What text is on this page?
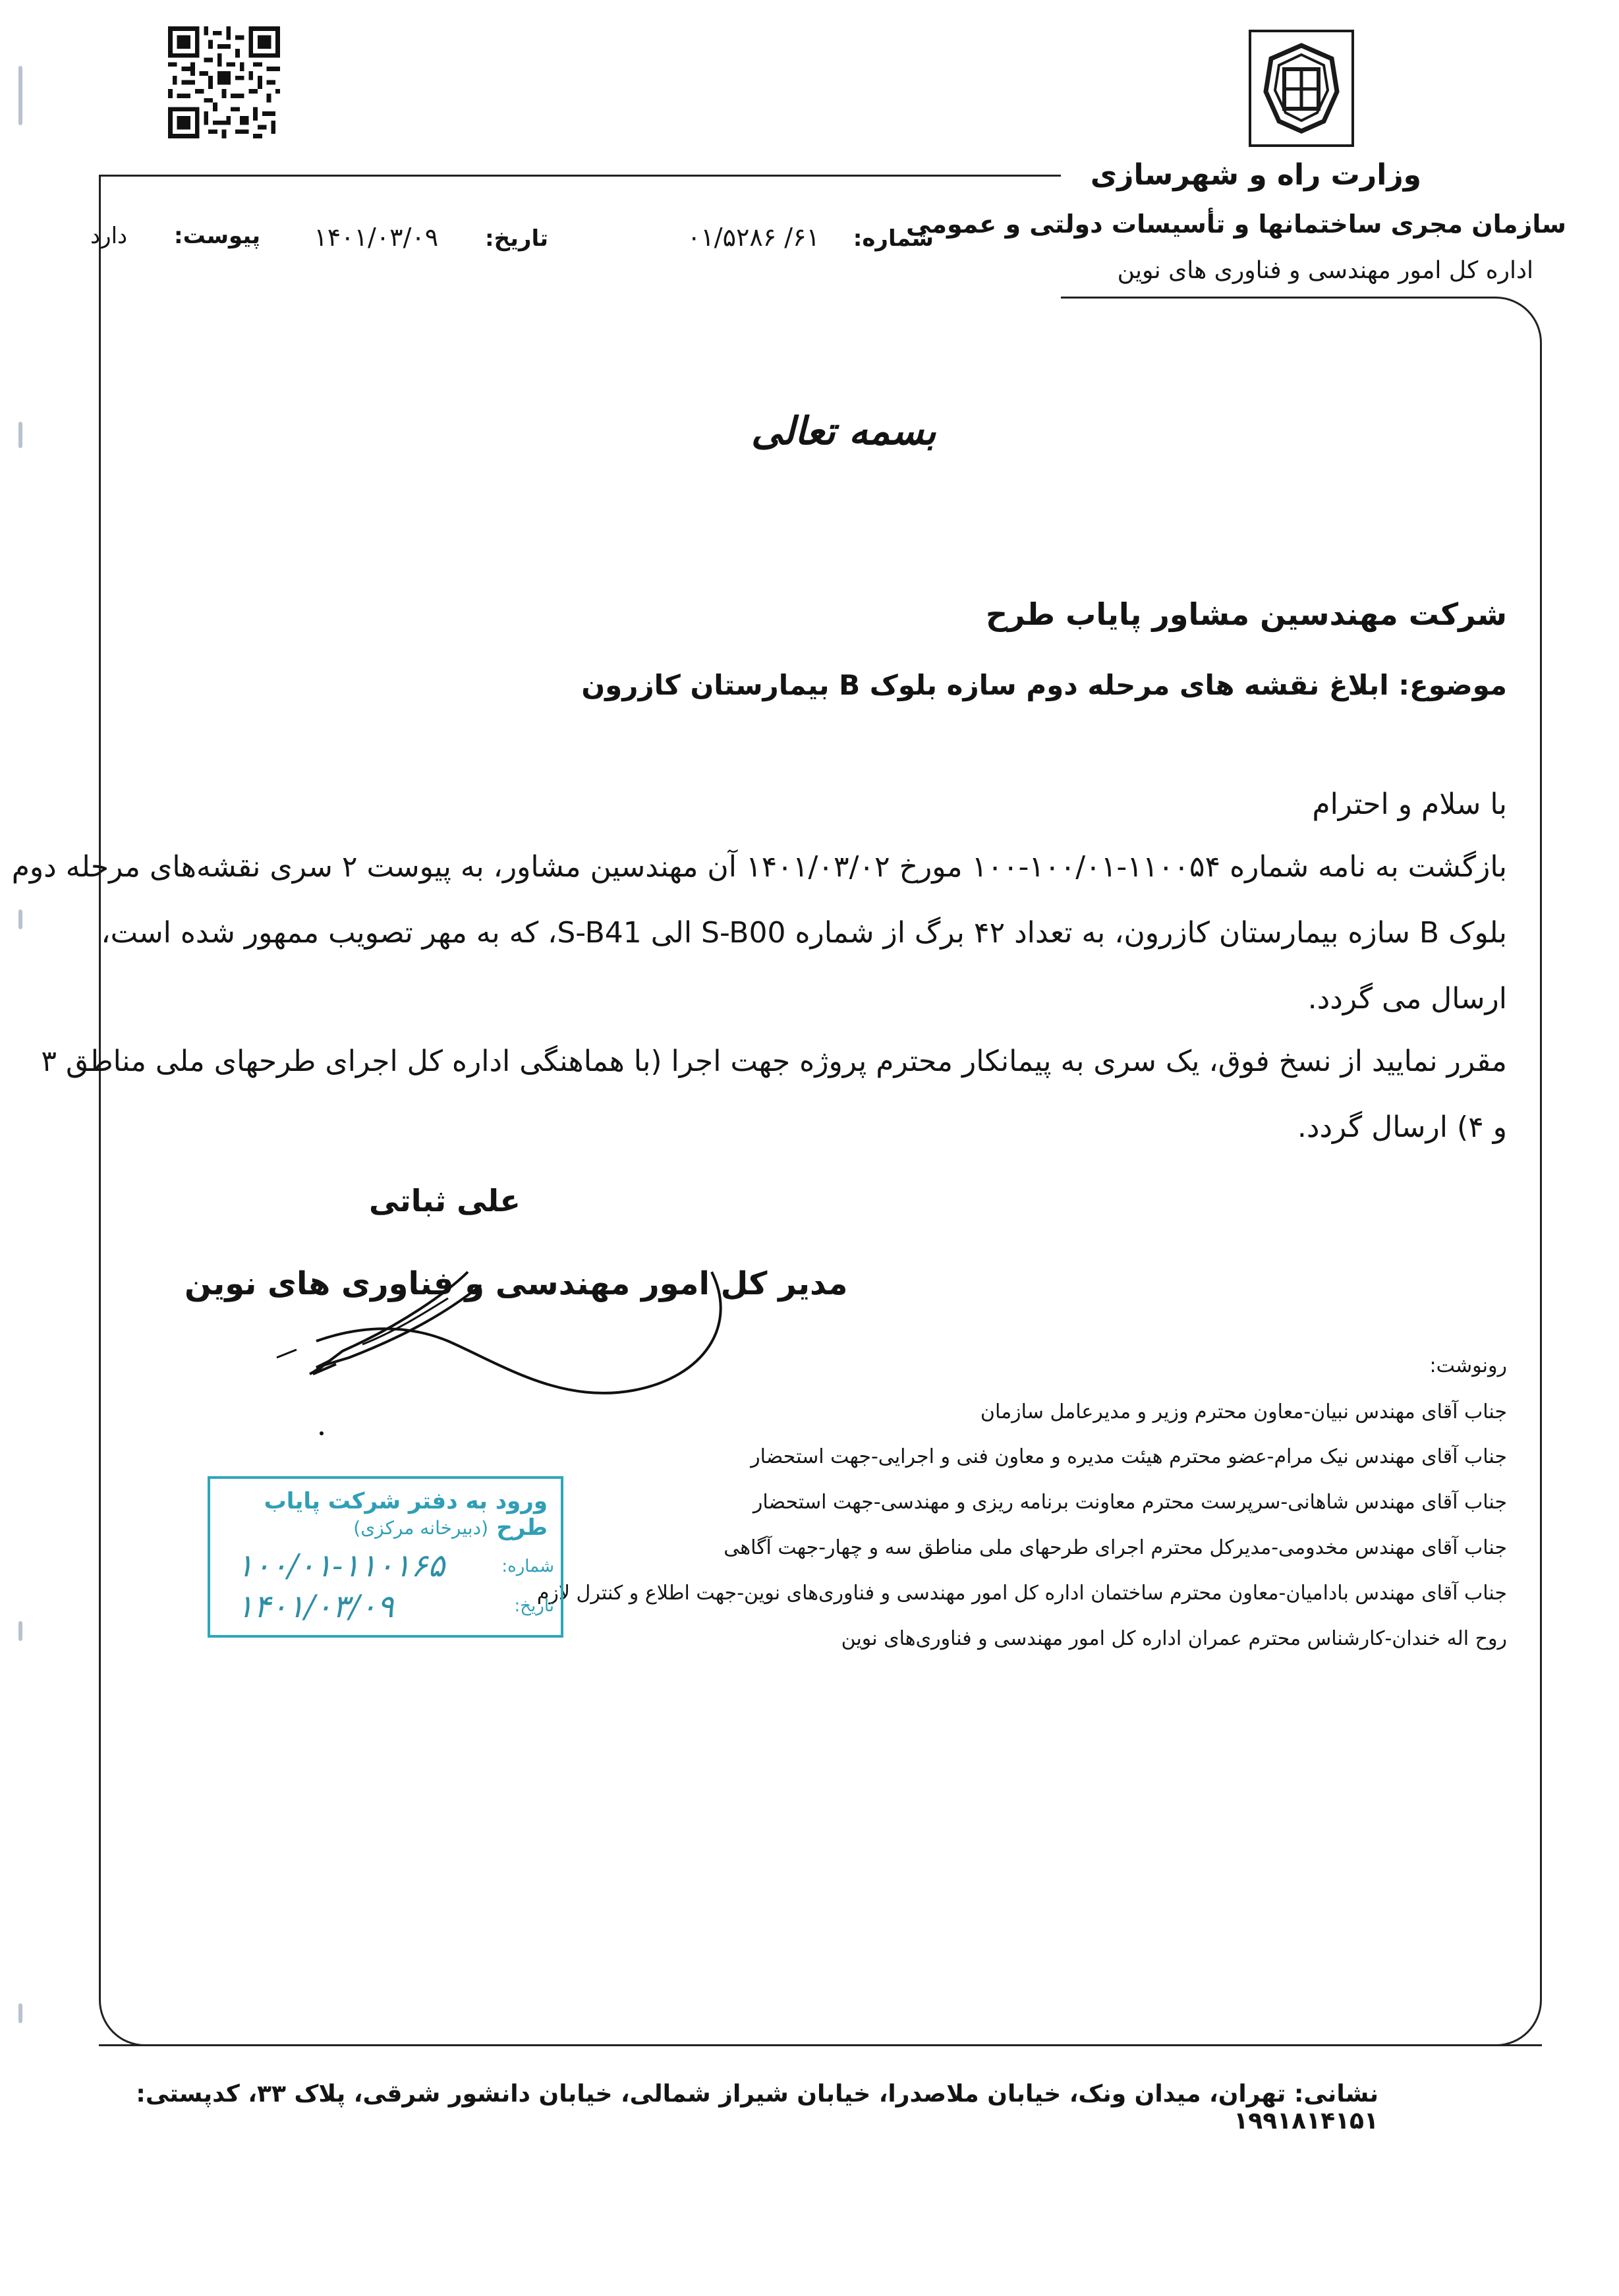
وزارت راه و شهرسازی
سازمان مجری ساختمانها و تأسیسات دولتی و عمومی
اداره کل امور مهندسی و فناوری های نوین
شماره: ۶۱/ ۰۱/۵۲۸۶
تاریخ: ۱۴۰۱/۰۳/۰۹
پیوست: دارد
بسمه تعالی
شرکت مهندسین مشاور پایاب طرح
موضوع: ابلاغ نقشه های مرحله دوم سازه بلوک B بیمارستان کازرون
با سلام و احترام
بازگشت به نامه شماره ۱۱۰۰۵۴-۱۰۰/۰۱-۱۰۰ مورخ ۱۴۰۱/۰۳/۰۲ آن مهندسین مشاور، به پیوست ۲ سری نقشه‌های مرحله دوم
بلوک B سازه بیمارستان کازرون، به تعداد ۴۲ برگ از شماره S-B00 الی S-B41، که به مهر تصویب ممهور شده است،
ارسال می گردد.
مقرر نمایید از نسخ فوق، یک سری به پیمانکار محترم پروژه جهت اجرا (با هماهنگی اداره کل اجرای طرحهای ملی مناطق ۳
و ۴) ارسال گردد.
علی ثباتی
مدیر کل امور مهندسی و فناوری های نوین
رونوشت:
جناب آقای مهندس نبیان-معاون محترم وزیر و مدیرعامل سازمان
جناب آقای مهندس نیک مرام-عضو محترم هیئت مدیره و معاون فنی و اجرایی-جهت استحضار
جناب آقای مهندس شاهانی-سرپرست محترم معاونت برنامه ریزی و مهندسی-جهت استحضار
جناب آقای مهندس مخدومی-مدیرکل محترم اجرای طرحهای ملی مناطق سه و چهار-جهت آگاهی
جناب آقای مهندس بادامیان-معاون محترم ساختمان اداره کل امور مهندسی و فناوری‌های نوین-جهت اطلاع و کنترل لازم
روح اله خندان-کارشناس محترم عمران اداره کل امور مهندسی و فناوری‌های نوین
ورود به دفتر شرکت پایاب طرح
(دبیرخانه مرکزی)
شماره:
۱۰۰/۰۱-۱۱۰۱۶۵
تاریخ:
۱۴۰۱/۰۳/۰۹
نشانی: تهران، میدان ونک، خیابان ملاصدرا، خیابان شیراز شمالی، خیابان دانشور شرقی، پلاک ۳۳، کدپستی: ۱۹۹۱۸۱۴۱۵۱
